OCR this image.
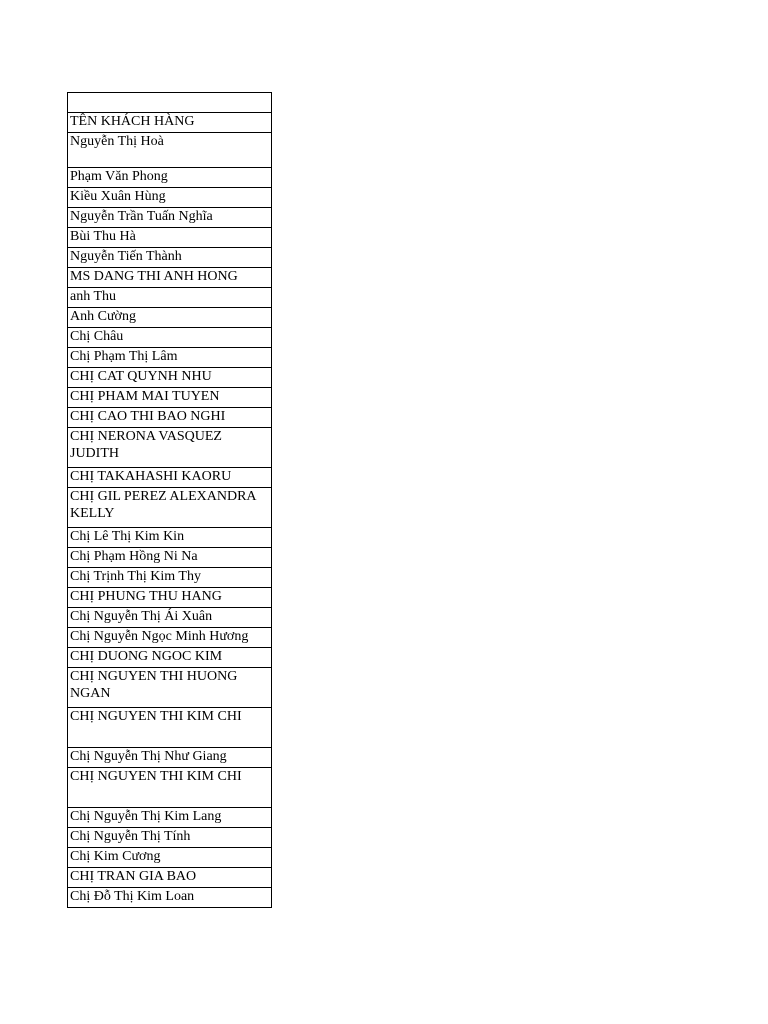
TÊN KHÁCH HÀNG
Nguyễn Thị Hoà
Phạm Văn Phong
Kiều Xuân Hùng
Nguyễn Trần Tuấn Nghĩa
Bùi Thu Hà
Nguyễn Tiến Thành
MS DANG THI ANH HONG
anh Thu
Anh Cường
Chị Châu
Chị Phạm Thị Lâm
CHỊ CAT QUYNH NHU
CHỊ PHAM MAI TUYEN
CHỊ CAO THI BAO NGHI
CHỊ NERONA VASQUEZ JUDITH
CHỊ TAKAHASHI KAORU
CHỊ GIL PEREZ ALEXANDRA KELLY
Chị Lê Thị Kim Kin
Chị Phạm Hồng Ni Na
Chị Trịnh Thị Kim Thy
CHỊ PHUNG THU HANG
Chị Nguyễn Thị Ái Xuân
Chị Nguyễn Ngọc Minh Hương
CHỊ DUONG NGOC KIM
CHỊ NGUYEN THI HUONG NGAN
CHỊ NGUYEN THI KIM CHI
Chị Nguyễn Thị Như Giang
CHỊ NGUYEN THI KIM CHI
Chị Nguyễn Thị Kim Lang
Chị Nguyễn Thị Tính
Chị Kim Cương
CHỊ TRAN GIA BAO
Chị Đỗ Thị Kim Loan
